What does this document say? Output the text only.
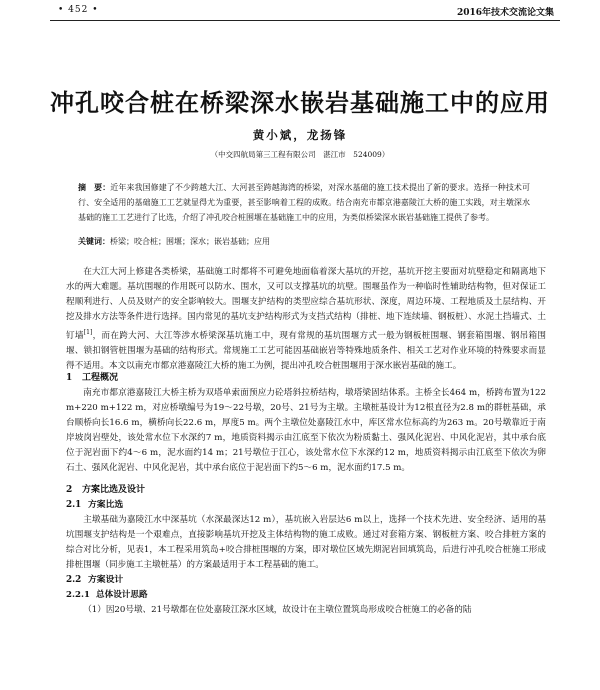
• 452 •	2016年技术交流论文集
冲孔咬合桩在桥梁深水嵌岩基础施工中的应用
黄小斌，龙扬锋
（中交四航局第三工程有限公司　湛江市　524009）
摘　要：近年来我国修建了不少跨越大江、大河甚至跨越海湾的桥梁，对深水基础的施工技术提出了新的要求。选择一种技术可行、安全适用的基础施工工艺就显得尤为重要，甚至影响着工程的成败。结合南充市都京港嘉陵江大桥的施工实践，对主墩深水基础的施工工艺进行了比选，介绍了冲孔咬合桩围堰在基础施工中的应用，为类似桥梁深水嵌岩基础施工提供了参考。
关键词：桥梁；咬合桩；围堰；深水；嵌岩基础；应用

在大江大河上修建各类桥梁，基础施工时都将不可避免地面临着深大基坑的开挖，基坑开挖主要面对坑壁稳定和隔离地下水的两大难题。基坑围堰的作用既可以防水、围水，又可以支撑基坑的坑壁。围堰虽作为一种临时性辅助结构物，但对保证工程顺利进行、人员及财产的安全影响较大。围堰支护结构的类型应综合基坑形状、深度，周边环境、工程地质及土层结构、开挖及排水方法等条件进行选择。国内常见的基坑支护结构形式为支挡式结构（排桩、地下连续墙、钢板桩）、水泥土挡墙式、土钉墙[1]，而在跨大河、大江等涉水桥梁深基坑施工中，现有常规的基坑围堰方式一般为钢板桩围堰、钢套箱围堰、钢吊箱围堰、锁扣钢管桩围堰为基础的结构形式。常规施工工艺可能因基础嵌岩等特殊地质条件、相关工艺对作业环境的特殊要求而显得不适用。本文以南充市都京港嘉陵江大桥的施工为例，提出冲孔咬合桩围堰用于深水嵌岩基础的施工。

1 工程概况

南充市都京港嘉陵江大桥主桥为双塔单索面预应力砼塔斜拉桥结构，墩塔梁固结体系。主桥全长464 m，桥跨布置为122 m+220 m+122 m，对应桥墩编号为19～22号墩，20号、21号为主墩。主墩桩基设计为12根直径为2.8 m的群桩基础，承台顺桥向长16.6 m，横桥向长22.6 m，厚度5 m。两个主墩位处嘉陵江水中，库区常水位标高约为263 m。20号墩靠近于南岸坡岗岩壁处，该处常水位下水深约7 m，地质资料揭示由江底至下依次为粉质黏土、强风化泥岩、中风化泥岩，其中承台底位于泥岩面下约4～6 m，泥水面约14 m；21号墩位于江心，该处常水位下水深约12 m，地质资料揭示由江底至下依次为卵石土、强风化泥岩、中风化泥岩，其中承台底位于泥岩面下约5～6 m，泥水面约17.5 m。

2 方案比选及设计

2.1 方案比选

主墩基础为嘉陵江水中深基坑（水深最深达12 m），基坑嵌入岩层达6 m以上，选择一个技术先进、安全经济、适用的基坑围堰支护结构是一个艰难点，直接影响基坑开挖及主体结构物的施工成败。通过对套箱方案、钢板桩方案、咬合排桩方案的综合对比分析，见表1，本工程采用筑岛+咬合排桩围堰的方案，即对墩位区域先期泥岩回填筑岛，后进行冲孔咬合桩施工形成排桩围堰（同步施工主墩桩基）的方案最适用于本工程基础的施工。

2.2 方案设计

2.2.1 总体设计思路

（1）因20号墩、21号墩都在位处嘉陵江深水区域，故设计在主墩位置筑岛形成咬合桩施工的必备的陆
